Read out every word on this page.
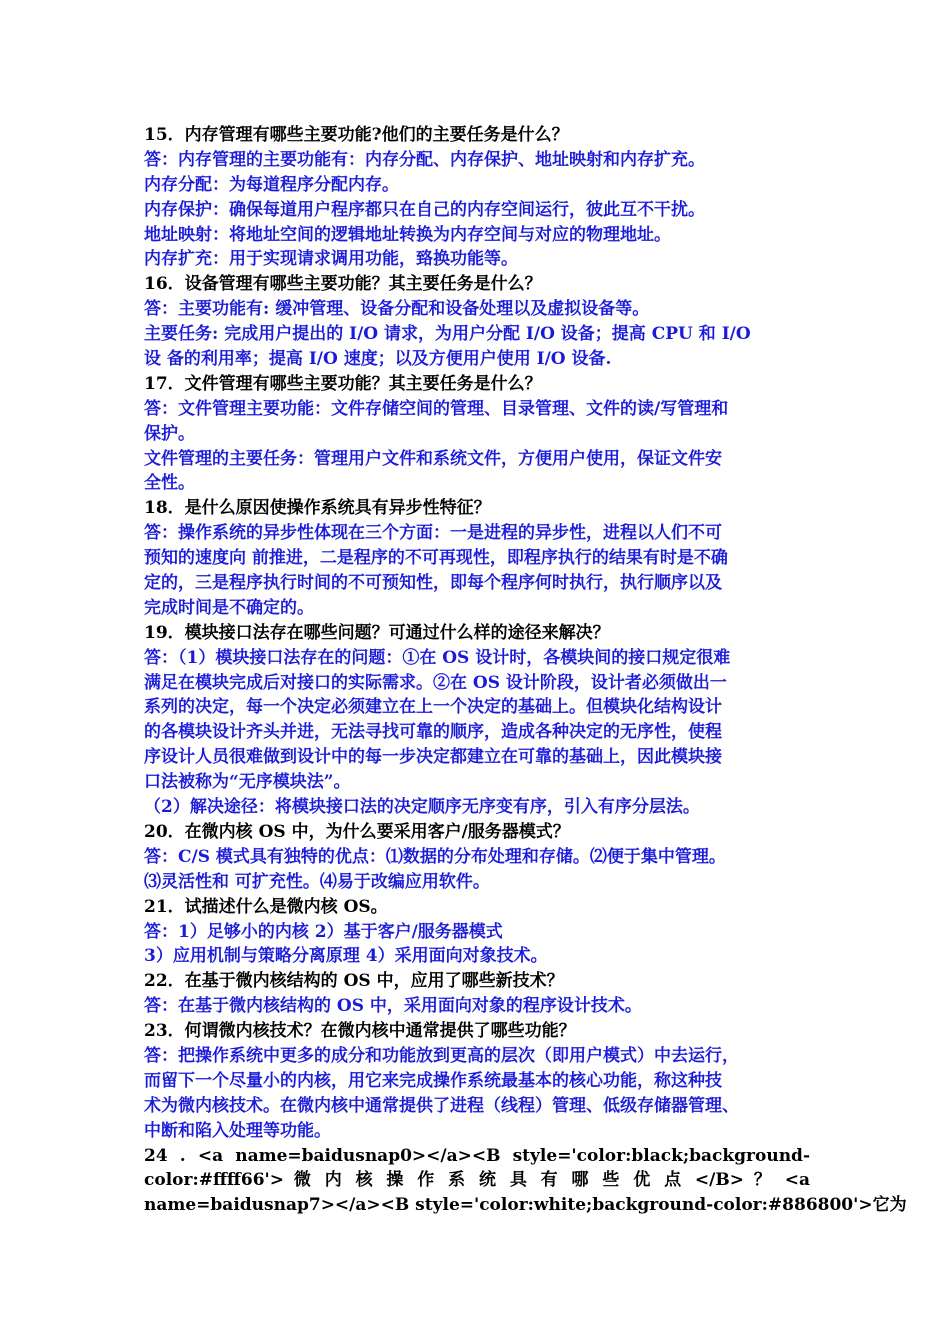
15．内存管理有哪些主要功能?他们的主要任务是什么？
答：内存管理的主要功能有：内存分配、内存保护、地址映射和内存扩充。
内存分配：为每道程序分配内存。
内存保护：确保每道用户程序都只在自己的内存空间运行，彼此互不干扰。
地址映射：将地址空间的逻辑地址转换为内存空间与对应的物理地址。
内存扩充：用于实现请求调用功能，臵换功能等。
16．设备管理有哪些主要功能？其主要任务是什么？
答：主要功能有: 缓冲管理、设备分配和设备处理以及虚拟设备等。
主要任务: 完成用户提出的 I/O 请求，为用户分配 I/O 设备；提高 CPU 和 I/O
设 备的利用率；提高 I/O 速度；以及方便用户使用 I/O 设备.
17．文件管理有哪些主要功能？其主要任务是什么？
答：文件管理主要功能：文件存储空间的管理、目录管理、文件的读/写管理和
保护。
文件管理的主要任务：管理用户文件和系统文件，方便用户使用，保证文件安
全性。
18．是什么原因使操作系统具有异步性特征？
答：操作系统的异步性体现在三个方面：一是进程的异步性，进程以人们不可
预知的速度向 前推进，二是程序的不可再现性，即程序执行的结果有时是不确
定的，三是程序执行时间的不可预知性，即每个程序何时执行，执行顺序以及
完成时间是不确定的。
19．模块接口法存在哪些问题？可通过什么样的途径来解决？
答：（1）模块接口法存在的问题：①在 OS 设计时，各模块间的接口规定很难
满足在模块完成后对接口的实际需求。②在 OS 设计阶段，设计者必须做出一
系列的决定，每一个决定必须建立在上一个决定的基础上。但模块化结构设计
的各模块设计齐头并进，无法寻找可靠的顺序，造成各种决定的无序性，使程
序设计人员很难做到设计中的每一步决定都建立在可靠的基础上，因此模块接
口法被称为“无序模块法”。
（2）解决途径：将模块接口法的决定顺序无序变有序，引入有序分层法。
20．在微内核 OS 中，为什么要采用客户/服务器模式？
答：C/S 模式具有独特的优点：⑴数据的分布处理和存储。⑵便于集中管理。
⑶灵活性和 可扩充性。⑷易于改编应用软件。
21．试描述什么是微内核 OS。
答：1）足够小的内核 2）基于客户/服务器模式
3）应用机制与策略分离原理 4）采用面向对象技术。
22．在基于微内核结构的 OS 中，应用了哪些新技术？
答：在基于微内核结构的 OS 中，采用面向对象的程序设计技术。
23．何谓微内核技术？在微内核中通常提供了哪些功能？
答：把操作系统中更多的成分和功能放到更高的层次（即用户模式）中去运行，
而留下一个尽量小的内核，用它来完成操作系统最基本的核心功能，称这种技
术为微内核技术。在微内核中通常提供了进程（线程）管理、低级存储器管理、
中断和陷入处理等功能。
24 . <a name=baidusnap0></a><B style='color:black;background-
color:#ffff66'> 微 内 核 操 作 系 统 具 有 哪 些 优 点 </B> ？ <a
name=baidusnap7></a><B style='color:white;background-color:#886800'>它为
